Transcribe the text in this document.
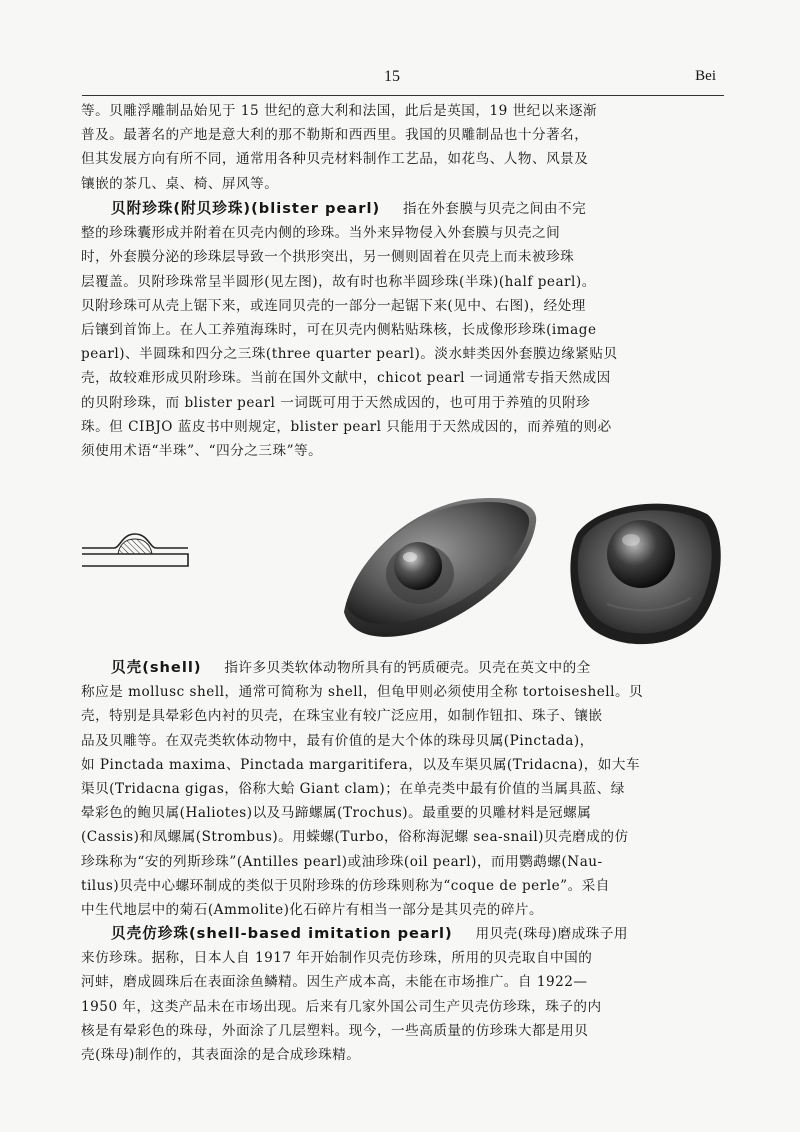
15	Bei
等。贝雕浮雕制品始见于 15 世纪的意大利和法国，此后是英国，19 世纪以来逐渐
普及。最著名的产地是意大利的那不勒斯和西西里。我国的贝雕制品也十分著名，
但其发展方向有所不同，通常用各种贝壳材料制作工艺品，如花鸟、人物、风景及
镶嵌的茶几、桌、椅、屏风等。
贝附珍珠(附贝珍珠)(blister pearl) 指在外套膜与贝壳之间由不完
整的珍珠囊形成并附着在贝壳内侧的珍珠。当外来异物侵入外套膜与贝壳之间
时，外套膜分泌的珍珠层导致一个拱形突出，另一侧则固着在贝壳上而未被珍珠
层覆盖。贝附珍珠常呈半圆形(见左图)，故有时也称半圆珍珠(半珠)(half pearl)。
贝附珍珠可从壳上锯下来，或连同贝壳的一部分一起锯下来(见中、右图)，经处理
后镶到首饰上。在人工养殖海珠时，可在贝壳内侧粘贴珠核，长成像形珍珠(image
pearl)、半圆珠和四分之三珠(three quarter pearl)。淡水蚌类因外套膜边缘紧贴贝
壳，故较难形成贝附珍珠。当前在国外文献中，chicot pearl 一词通常专指天然成因
的贝附珍珠，而 blister pearl 一词既可用于天然成因的，也可用于养殖的贝附珍
珠。但 CIBJO 蓝皮书中则规定，blister pearl 只能用于天然成因的，而养殖的则必
须使用术语“半珠”、“四分之三珠”等。
贝壳(shell) 指许多贝类软体动物所具有的钙质硬壳。贝壳在英文中的全
称应是 mollusc shell，通常可简称为 shell，但龟甲则必须使用全称 tortoiseshell。贝
壳，特别是具晕彩色内衬的贝壳，在珠宝业有较广泛应用，如制作钮扣、珠子、镶嵌
品及贝雕等。在双壳类软体动物中，最有价值的是大个体的珠母贝属(Pinctada)，
如 Pinctada maxima、Pinctada margaritifera，以及车渠贝属(Tridacna)，如大车
渠贝(Tridacna gigas，俗称大蛤 Giant clam)；在单壳类中最有价值的当属具蓝、绿
晕彩色的鲍贝属(Haliotes)以及马蹄螺属(Trochus)。最重要的贝雕材料是冠螺属
(Cassis)和凤螺属(Strombus)。用蝾螺(Turbo，俗称海泥螺 sea-snail)贝壳磨成的仿
珍珠称为“安的列斯珍珠”(Antilles pearl)或油珍珠(oil pearl)，而用鹦鹉螺(Nau-
tilus)贝壳中心螺环制成的类似于贝附珍珠的仿珍珠则称为“coque de perle”。采自
中生代地层中的菊石(Ammolite)化石碎片有相当一部分是其贝壳的碎片。
贝壳仿珍珠(shell-based imitation pearl) 用贝壳(珠母)磨成珠子用
来仿珍珠。据称，日本人自 1917 年开始制作贝壳仿珍珠，所用的贝壳取自中国的
河蚌，磨成圆珠后在表面涂鱼鳞精。因生产成本高，未能在市场推广。自 1922—
1950 年，这类产品未在市场出现。后来有几家外国公司生产贝壳仿珍珠，珠子的内
核是有晕彩色的珠母，外面涂了几层塑料。现今，一些高质量的仿珍珠大都是用贝
壳(珠母)制作的，其表面涂的是合成珍珠精。
